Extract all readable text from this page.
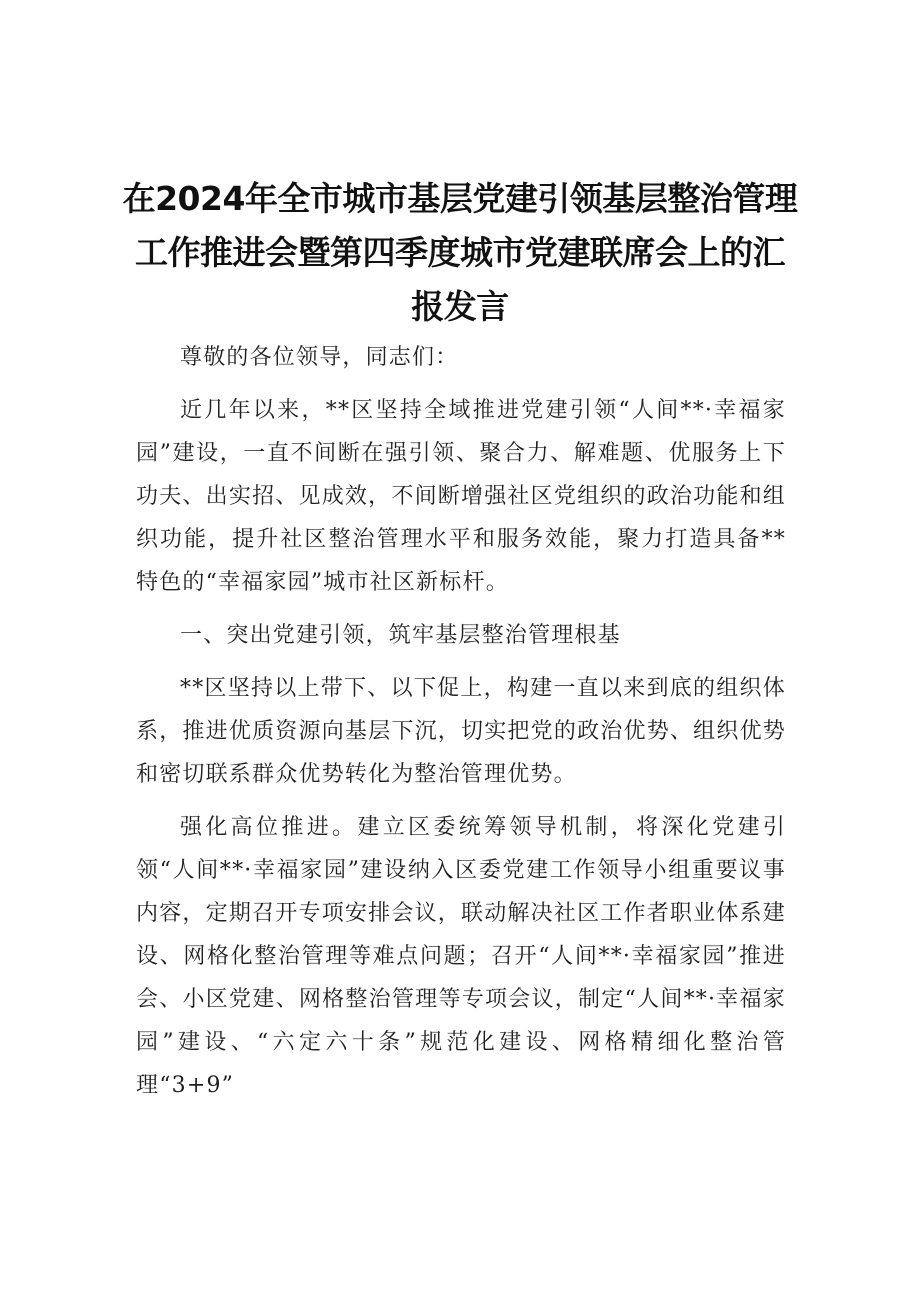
在2024年全市城市基层党建引领基层整治管理工作推进会暨第四季度城市党建联席会上的汇报发言

尊敬的各位领导，同志们：

近几年以来，**区坚持全域推进党建引领“人间**·幸福家园”建设，一直不间断在强引领、聚合力、解难题、优服务上下功夫、出实招、见成效，不间断增强社区党组织的政治功能和组织功能，提升社区整治管理水平和服务效能，聚力打造具备**特色的“幸福家园”城市社区新标杆。

一、突出党建引领，筑牢基层整治管理根基

**区坚持以上带下、以下促上，构建一直以来到底的组织体系，推进优质资源向基层下沉，切实把党的政治优势、组织优势和密切联系群众优势转化为整治管理优势。

强化高位推进。建立区委统筹领导机制，将深化党建引领“人间**·幸福家园”建设纳入区委党建工作领导小组重要议事内容，定期召开专项安排会议，联动解决社区工作者职业体系建设、网格化整治管理等难点问题；召开“人间**·幸福家园”推进会、小区党建、网格整治管理等专项会议，制定“人间**·幸福家园”建设、“六定六十条”规范化建设、网格精细化整治管理“3+9”
